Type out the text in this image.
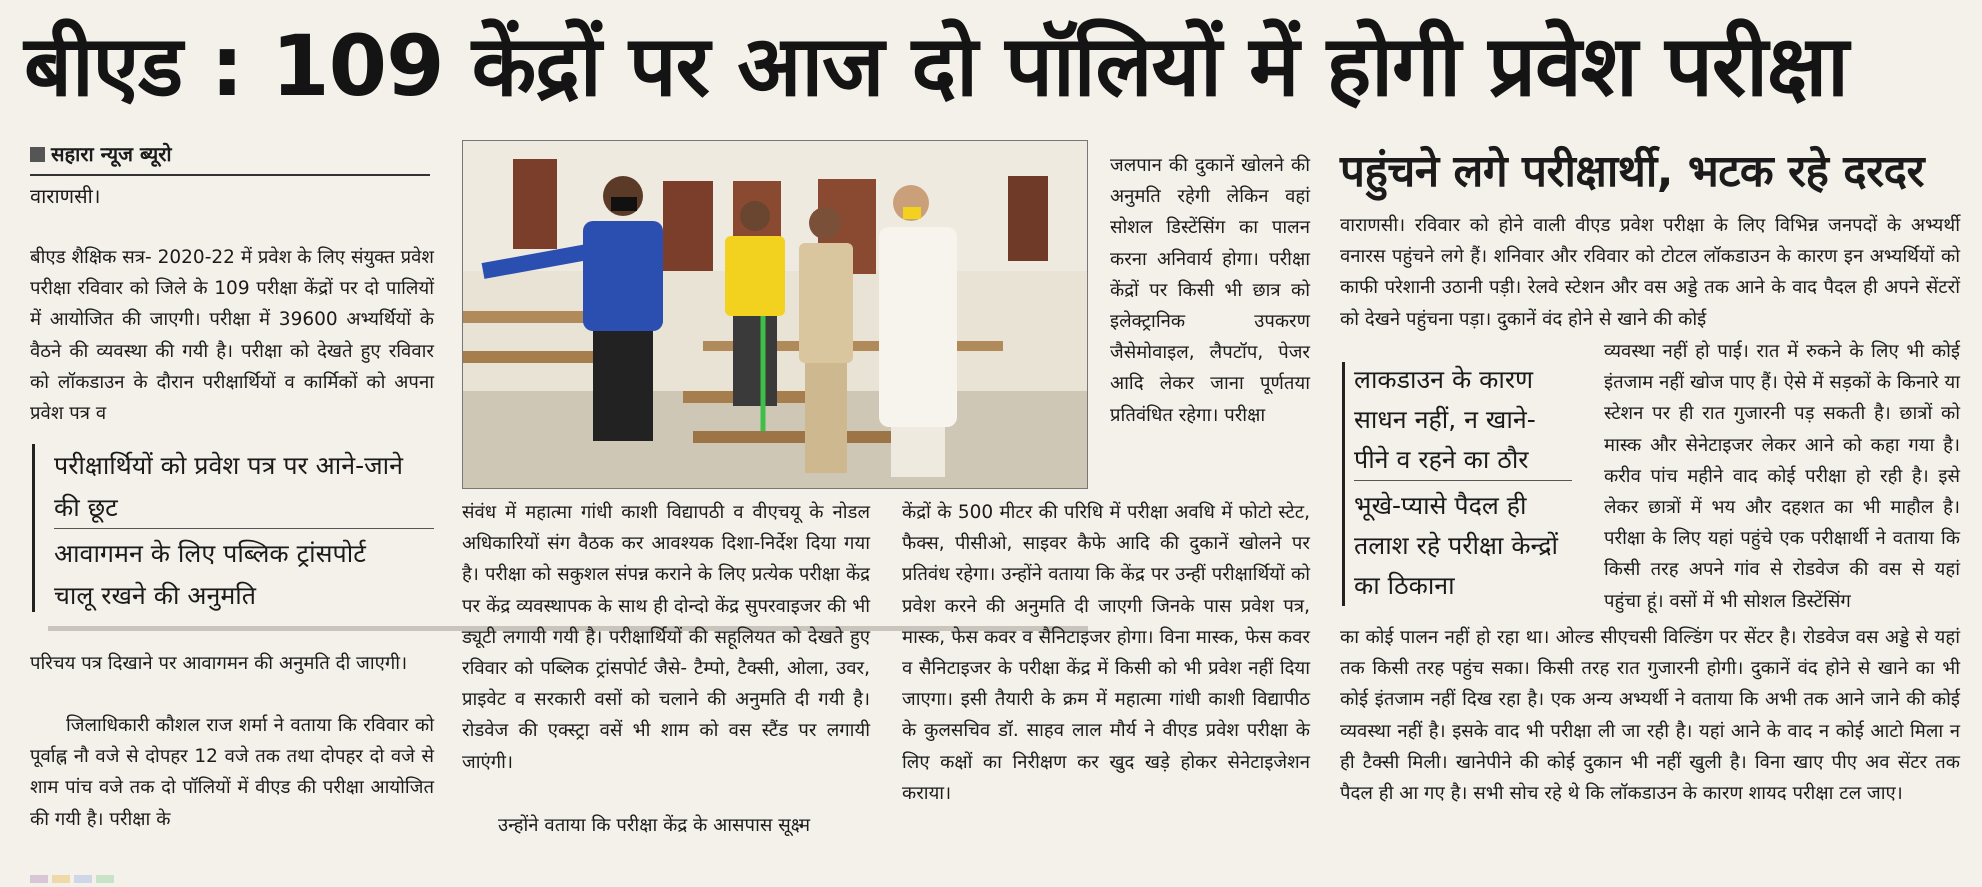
बीएड : 109 केंद्रों पर आज दो पॉलियों में होगी प्रवेश परीक्षा
सहारा न्यूज ब्यूरो
वाराणसी।
बीएड शैक्षिक सत्र- 2020-22 में प्रवेश के लिए संयुक्त प्रवेश परीक्षा रविवार को जिले के 109 परीक्षा केंद्रों पर दो पालियों में आयोजित की जाएगी। परीक्षा में 39600 अभ्यर्थियों के वैठने की व्यवस्था की गयी है। परीक्षा को देखते हुए रविवार को लॉकडाउन के दौरान परीक्षार्थियों व कार्मिकों को अपना प्रवेश पत्र व
परीक्षार्थियों को प्रवेश पत्र पर आने-जाने की छूट
आवागमन के लिए पब्लिक ट्रांसपोर्ट चालू रखने की अनुमति
परिचय पत्र दिखाने पर आवागमन की अनुमति दी जाएगी।
जिलाधिकारी कौशल राज शर्मा ने वताया कि रविवार को पूर्वाह्न नौ वजे से दोपहर 12 वजे तक तथा दोपहर दो वजे से शाम पांच वजे तक दो पॉलियों में वीएड की परीक्षा आयोजित की गयी है। परीक्षा के
संवंध में महात्मा गांधी काशी विद्यापठी व वीएचयू के नोडल अधिकारियों संग वैठक कर आवश्यक दिशा-निर्देश दिया गया है। परीक्षा को सकुशल संपन्न कराने के लिए प्रत्येक परीक्षा केंद्र पर केंद्र व्यवस्थापक के साथ ही दोन्दो केंद्र सुपरवाइजर की भी ड्यूटी लगायी गयी है। परीक्षार्थियों की सहूलियत को देखते हुए रविवार को पब्लिक ट्रांसपोर्ट जैसे- टैम्पो, टैक्सी, ओला, उवर, प्राइवेट व सरकारी वसों को चलाने की अनुमति दी गयी है। रोडवेज की एक्स्ट्रा वसें भी शाम को वस स्टैंड पर लगायी जाएंगी।
उन्होंने वताया कि परीक्षा केंद्र के आसपास सूक्ष्म
जलपान की दुकानें खोलने की अनुमति रहेगी लेकिन वहां सोशल डिस्टेंसिंग का पालन करना अनिवार्य होगा। परीक्षा केंद्रों पर किसी भी छात्र को इलेक्ट्रानिक उपकरण जैसेमोवाइल, लैपटॉप, पेजर आदि लेकर जाना पूर्णतया प्रतिवंधित रहेगा। परीक्षा
केंद्रों के 500 मीटर की परिधि में परीक्षा अवधि में फोटो स्टेट, फैक्स, पीसीओ, साइवर कैफे आदि की दुकानें खोलने पर प्रतिवंध रहेगा। उन्होंने वताया कि केंद्र पर उन्हीं परीक्षार्थियों को प्रवेश करने की अनुमति दी जाएगी जिनके पास प्रवेश पत्र, मास्क, फेस कवर व सैनिटाइजर होगा। विना मास्क, फेस कवर व सैनिटाइजर के परीक्षा केंद्र में किसी को भी प्रवेश नहीं दिया जाएगा। इसी तैयारी के क्रम में महात्मा गांधी काशी विद्यापीठ के कुलसचिव डॉ. साहव लाल मौर्य ने वीएड प्रवेश परीक्षा के लिए कक्षों का निरीक्षण कर खुद खड़े होकर सेनेटाइजेशन कराया।
पहुंचने लगे परीक्षार्थी, भटक रहे दरदर
वाराणसी। रविवार को होने वाली वीएड प्रवेश परीक्षा के लिए विभिन्न जनपदों के अभ्यर्थी वनारस पहुंचने लगे हैं। शनिवार और रविवार को टोटल लॉकडाउन के कारण इन अभ्यर्थियों को काफी परेशानी उठानी पड़ी। रेलवे स्टेशन और वस अड्डे तक आने के वाद पैदल ही अपने सेंटरों को देखने पहुंचना पड़ा। दुकानें वंद होने से खाने की कोई
लाकडाउन के कारण साधन नहीं, न खाने-पीने व रहने का ठौर
भूखे-प्यासे पैदल ही तलाश रहे परीक्षा केन्द्रों का ठिकाना
व्यवस्था नहीं हो पाई। रात में रुकने के लिए भी कोई इंतजाम नहीं खोज पाए हैं। ऐसे में सड़कों के किनारे या स्टेशन पर ही रात गुजारनी पड़ सकती है। छात्रों को मास्क और सेनेटाइजर लेकर आने को कहा गया है। करीव पांच महीने वाद कोई परीक्षा हो रही है। इसे लेकर छात्रों में भय और दहशत का भी माहौल है। परीक्षा के लिए यहां पहुंचे एक परीक्षार्थी ने वताया कि किसी तरह अपने गांव से रोडवेज की वस से यहां पहुंचा हूं। वसों में भी सोशल डिस्टेंसिंग
का कोई पालन नहीं हो रहा था। ओल्ड सीएचसी विल्डिंग पर सेंटर है। रोडवेज वस अड्डे से यहां तक किसी तरह पहुंच सका। किसी तरह रात गुजारनी होगी। दुकानें वंद होने से खाने का भी कोई इंतजाम नहीं दिख रहा है। एक अन्य अभ्यर्थी ने वताया कि अभी तक आने जाने की कोई व्यवस्था नहीं है। इसके वाद भी परीक्षा ली जा रही है। यहां आने के वाद न कोई आटो मिला न ही टैक्सी मिली। खानेपीने की कोई दुकान भी नहीं खुली है। विना खाए पीए अव सेंटर तक पैदल ही आ गए है। सभी सोच रहे थे कि लॉकडाउन के कारण शायद परीक्षा टल जाए।
